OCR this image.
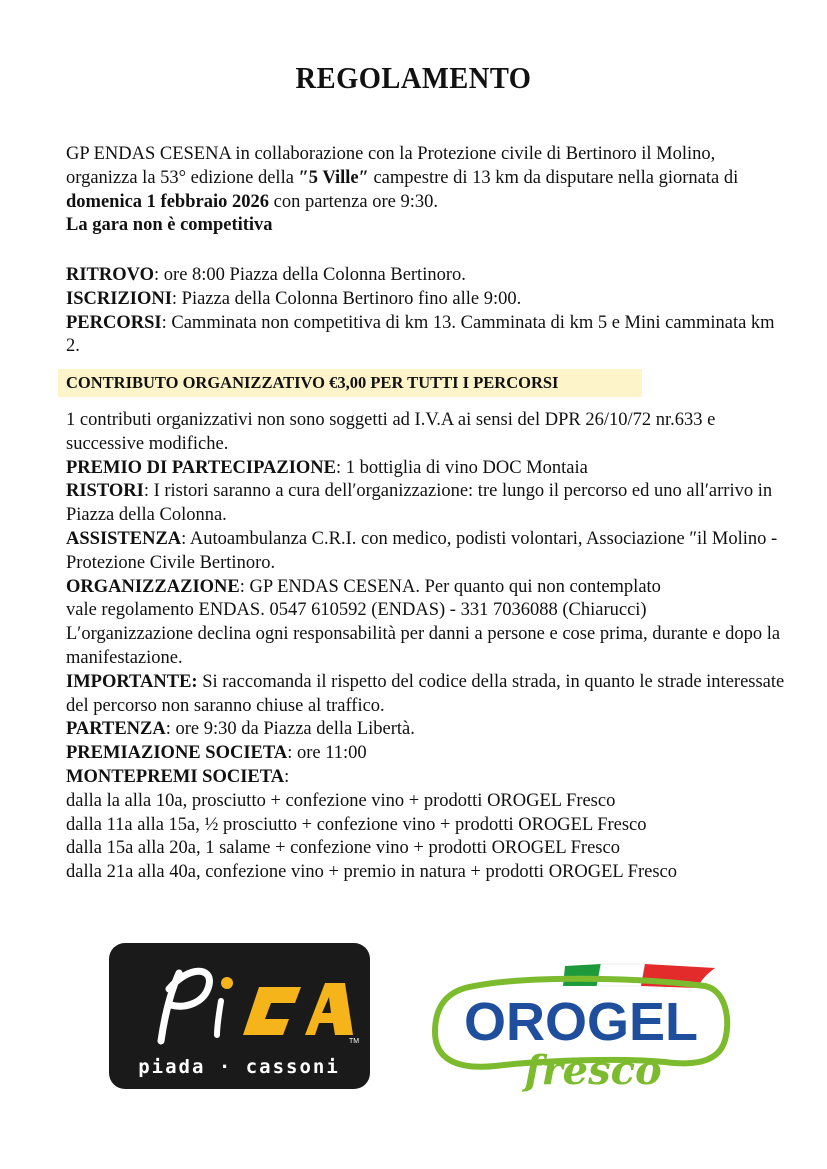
REGOLAMENTO

GP ENDAS CESENA in collaborazione con la Protezione civile di Bertinoro il Molino,

organizza la 53° edizione della ″5 Ville″ campestre di 13 km da disputare nella giornata di

domenica 1 febbraio 2026 con partenza ore 9:30.

La gara non è competitiva

RITROVO: ore 8:00 Piazza della Colonna Bertinoro.

ISCRIZIONI: Piazza della Colonna Bertinoro fino alle 9:00.

PERCORSI: Camminata non competitiva di km 13. Camminata di km 5 e Mini camminata km 2.

CONTRIBUTO ORGANIZZATIVO €3,00 PER TUTTI I PERCORSI

1 contributi organizzativi non sono soggetti ad I.V.A ai sensi del DPR 26/10/72 nr.633 e successive modifiche.

PREMIO DI PARTECIPAZIONE: 1 bottiglia di vino DOC Montaia

RISTORI: I ristori saranno a cura dell′organizzazione: tre lungo il percorso ed uno all′arrivo in Piazza della Colonna.

ASSISTENZA: Autoambulanza C.R.I. con medico, podisti volontari, Associazione ″il Molino - Protezione Civile Bertinoro.

ORGANIZZAZIONE: GP ENDAS CESENA. Per quanto qui non contemplato

vale regolamento ENDAS. 0547 610592 (ENDAS) - 331 7036088 (Chiarucci)

L′organizzazione declina ogni responsabilità per danni a persone e cose prima, durante e dopo la manifestazione.

IMPORTANTE: Si raccomanda il rispetto del codice della strada, in quanto le strade interessate del percorso non saranno chiuse al traffico.

PARTENZA: ore 9:30 da Piazza della Libertà.

PREMIAZIONE SOCIETA: ore 11:00

MONTEPREMI SOCIETA:

dalla la alla 10a, prosciutto + confezione vino + prodotti OROGEL Fresco

dalla 11a alla 15a, ½ prosciutto + confezione vino + prodotti OROGEL Fresco

dalla 15a alla 20a, 1 salame + confezione vino + prodotti OROGEL Fresco

dalla 21a alla 40a, confezione vino + premio in natura + prodotti OROGEL Fresco

TM
piada · cassoni
OROGEL
fresco
